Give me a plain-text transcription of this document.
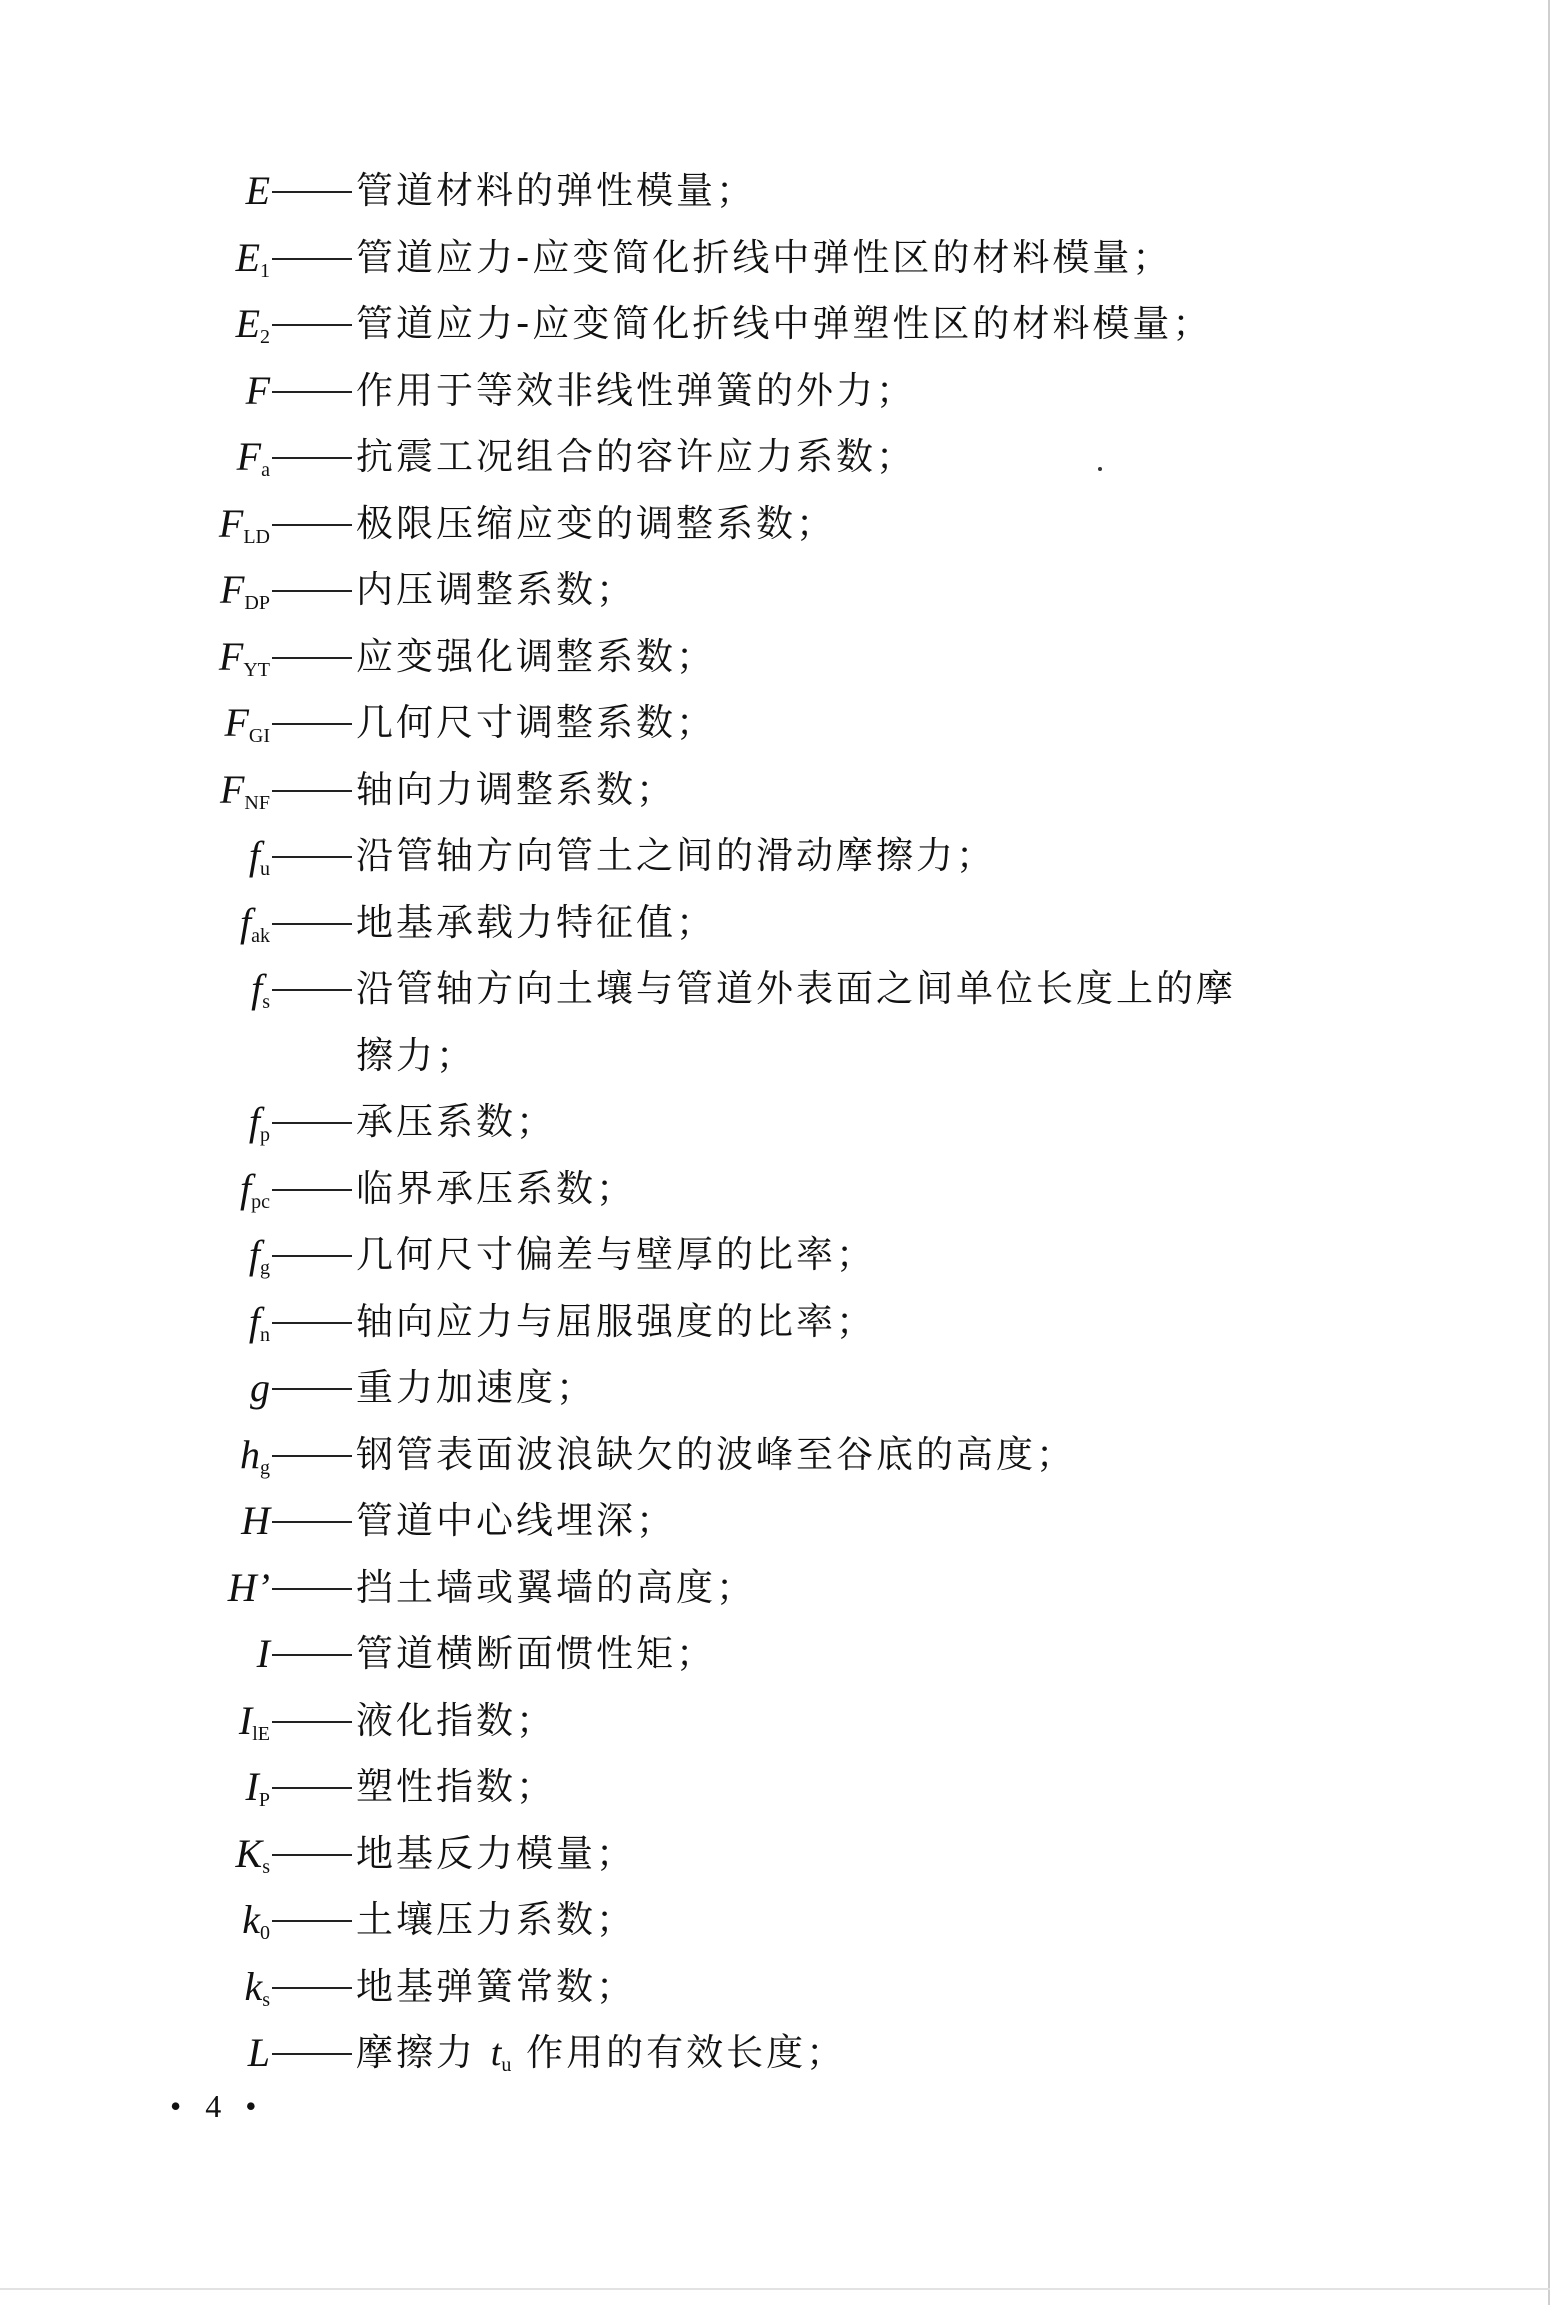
E 管道材料的弹性模量；
$E_1$ 管道应力-应变简化折线中弹性区的材料模量；
$E_2$ 管道应力-应变简化折线中弹塑性区的材料模量；
F 作用于等效非线性弹簧的外力；
$F_a$ 抗震工况组合的容许应力系数；
$F_{LD}$ 极限压缩应变的调整系数；
$F_{DP}$ 内压调整系数；
$F_{YT}$ 应变强化调整系数；
$F_{GI}$ 几何尺寸调整系数；
$F_{NF}$ 轴向力调整系数；
$f_u$ 沿管轴方向管土之间的滑动摩擦力；
$f_{ak}$ 地基承载力特征值；
$f_s$ 沿管轴方向土壤与管道外表面之间单位长度上的摩
擦力；
$f_p$ 承压系数；
$f_{pc}$ 临界承压系数；
$f_g$ 几何尺寸偏差与壁厚的比率；
$f_n$ 轴向应力与屈服强度的比率；
g 重力加速度；
$h_g$ 钢管表面波浪缺欠的波峰至谷底的高度；
H 管道中心线埋深；
H’ 挡土墙或翼墙的高度；
I 管道横断面惯性矩；
$I_{lE}$ 液化指数；
$I_P$ 塑性指数；
$K_s$ 地基反力模量；
$k_0$ 土壤压力系数；
$k_s$ 地基弹簧常数；
L 摩擦力 $t_u$ 作用的有效长度；
• 4 •
